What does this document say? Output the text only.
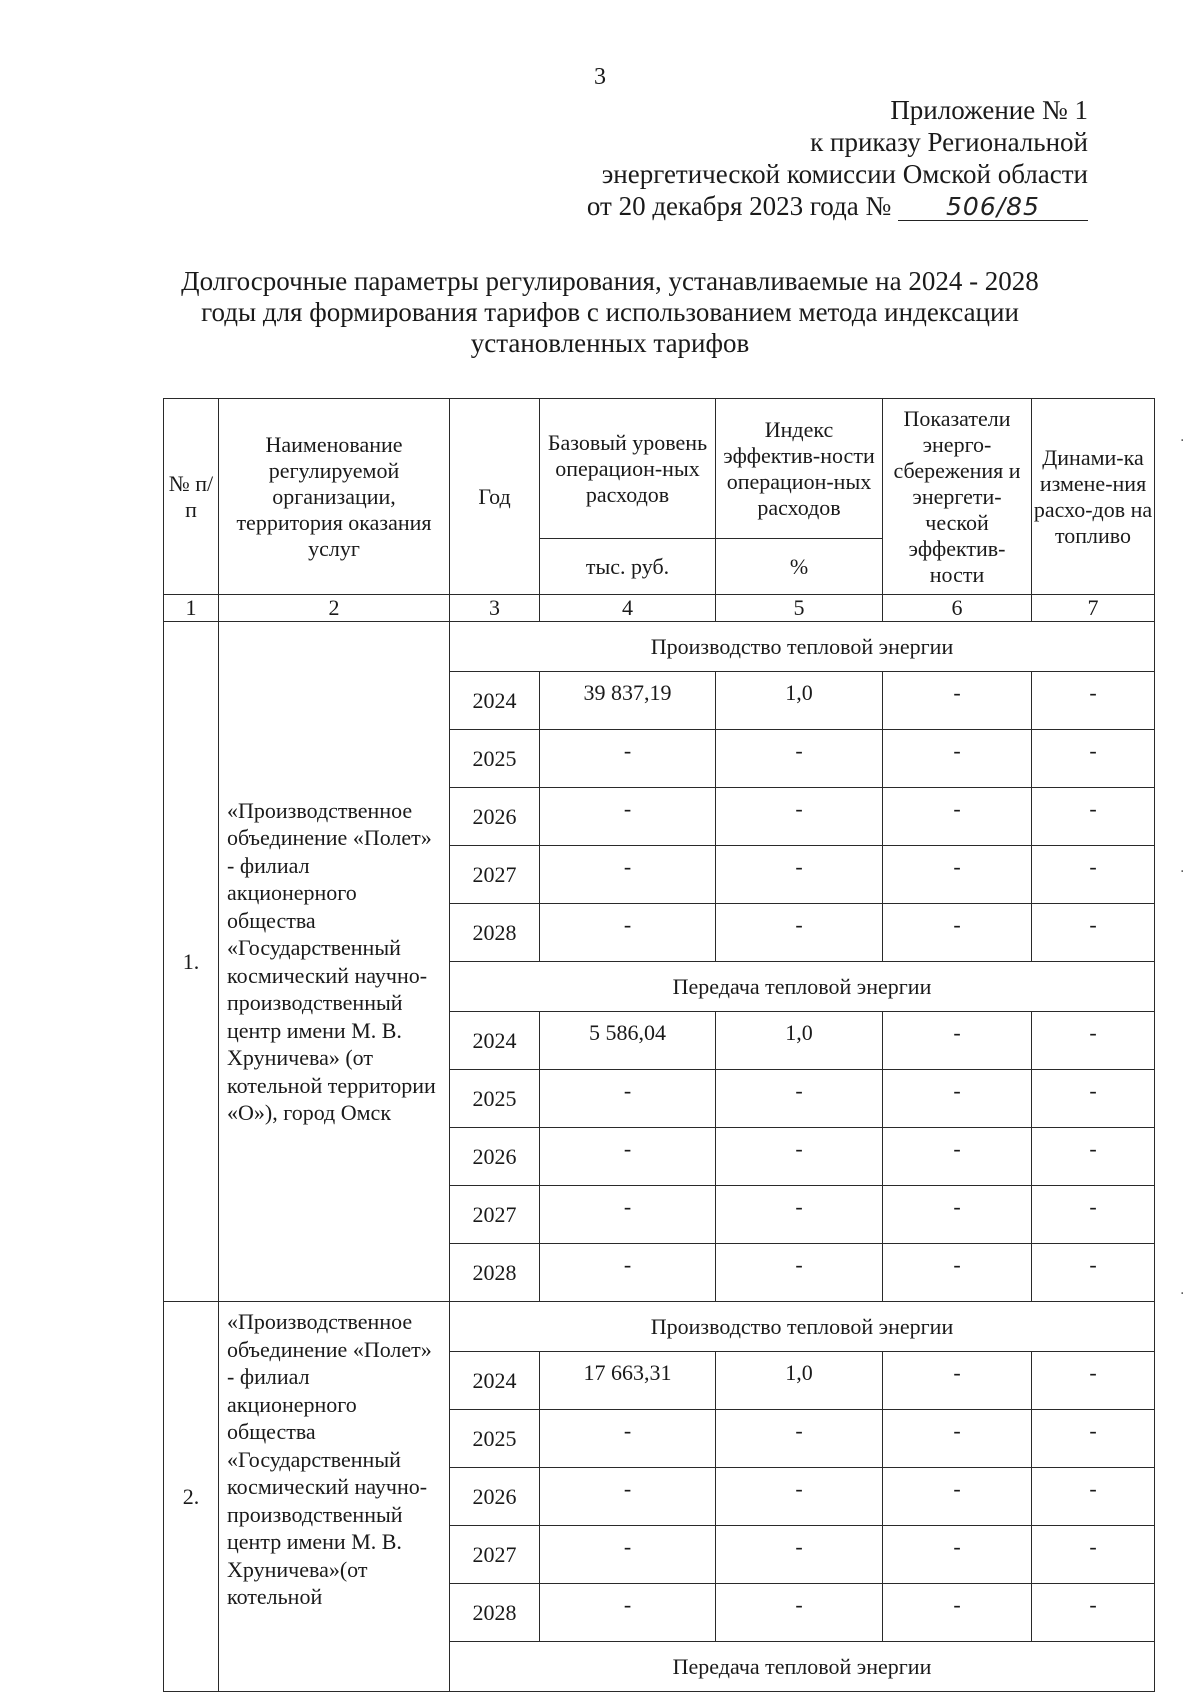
3
Приложение № 1
к приказу Региональной
энергетической комиссии Омской области
от 20 декабря 2023 года № 506/85
Долгосрочные параметры регулирования, устанавливаемые на 2024 - 2028
годы для формирования тарифов с использованием метода индексации
установленных тарифов
№ п/п	Наименование регулируемой организации, территория оказания услуг	Год	Базовый уровень операцион-ных расходов	Индекс эффектив-ности операцион-ных расходов	Показатели энерго-сбережения и энергети-ческой эффектив-ности	Динами-ка измене-ния расхо-дов на топливо
			тыс. руб.	%		
1	2	3	4	5	6	7
1.	«Производственное объединение «Полет» - филиал акционерного общества «Государственный космический научно-производственный центр имени М. В. Хруничева» (от котельной территории «О»), город Омск	Производство тепловой энергии				
		2024	39 837,19	1,0	-	-
		2025	-	-	-	-
		2026	-	-	-	-
		2027	-	-	-	-
		2028	-	-	-	-
		Передача тепловой энергии				
		2024	5 586,04	1,0	-	-
		2025	-	-	-	-
		2026	-	-	-	-
		2027	-	-	-	-
		2028	-	-	-	-
2.	«Производственное объединение «Полет» - филиал акционерного общества «Государственный космический научно-производственный центр имени М. В. Хруничева»(от котельной	Производство тепловой энергии				
		2024	17 663,31	1,0	-	-
		2025	-	-	-	-
		2026	-	-	-	-
		2027	-	-	-	-
		2028	-	-	-	-
		Передача тепловой энергии				
·
·
·
